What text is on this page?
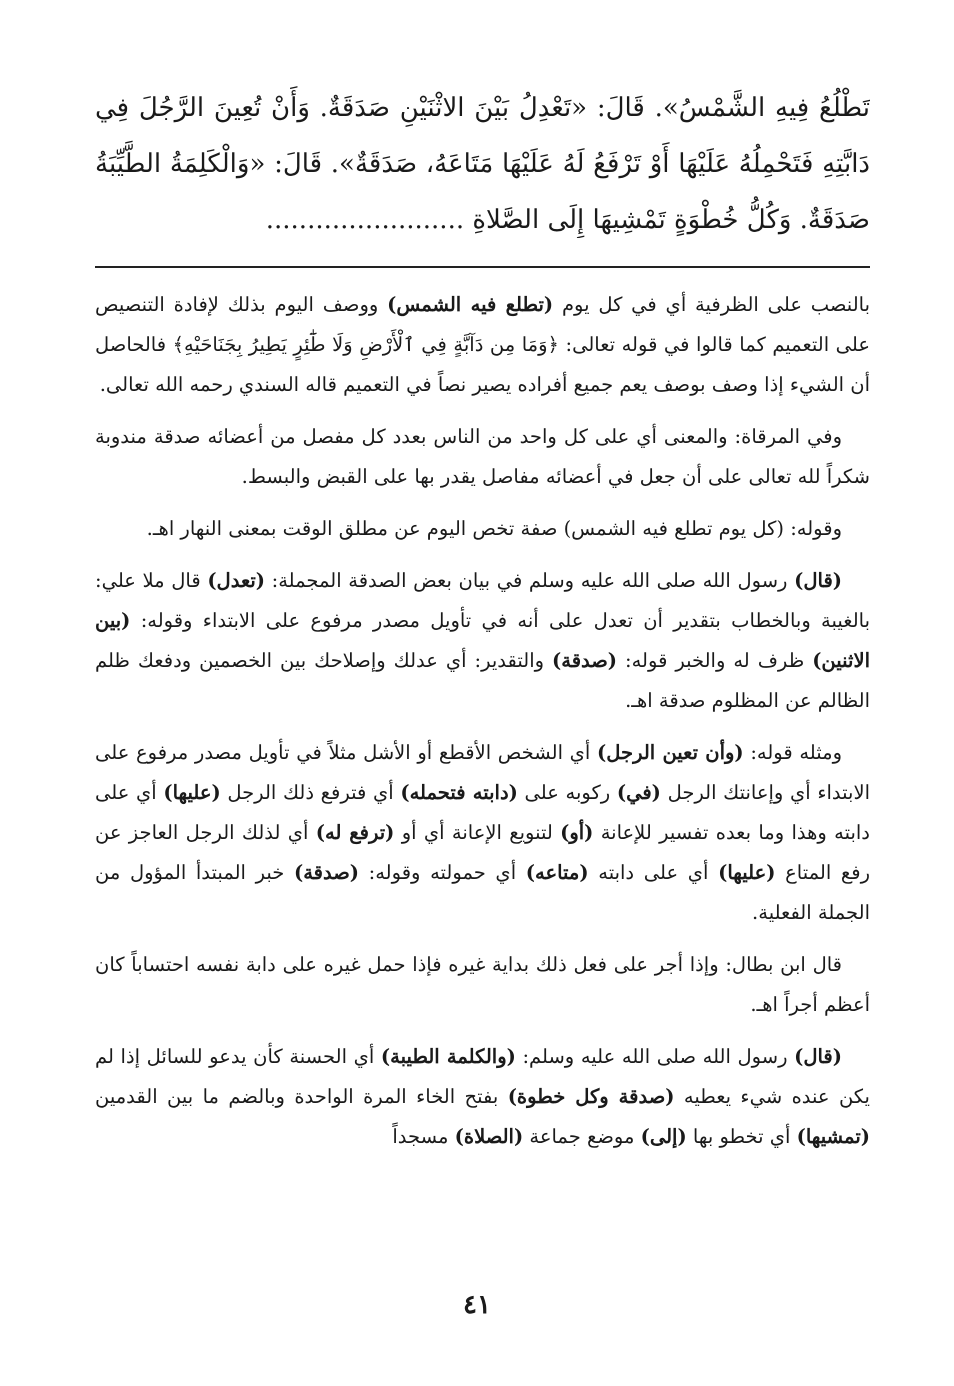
تَطْلُعُ فِيهِ الشَّمْسُ». قَالَ: «تَعْدِلُ بَيْنَ الاثْنَيْنِ صَدَقَةٌ. وَأَنْ تُعِينَ الرَّجُلَ فِي دَابَّتِهِ فَتَحْمِلُهُ عَلَيْهَا أَوْ تَرْفَعُ لَهُ عَلَيْهَا مَتَاعَهُ، صَدَقَةٌ». قَالَ: «وَالْكَلِمَةُ الطَّيِّبَةُ صَدَقَةٌ. وَكُلُّ خُطْوَةٍ تَمْشِيهَا إِلَى الصَّلاةِ ........................

بالنصب على الظرفية أي في كل يوم (تطلع فيه الشمس) ووصف اليوم بذلك لإفادة التنصيص على التعميم كما قالوا في قوله تعالى: ﴿وَمَا مِن دَآبَّةٍ فِي ٱلْأَرْضِ وَلَا طَٰٓئِرٍ يَطِيرُ بِجَنَاحَيْهِ﴾ فالحاصل أن الشيء إذا وصف بوصف يعم جميع أفراده يصير نصاً في التعميم قاله السندي رحمه الله تعالى.

وفي المرقاة: والمعنى أي على كل واحد من الناس بعدد كل مفصل من أعضائه صدقة مندوبة شكراً لله تعالى على أن جعل في أعضائه مفاصل يقدر بها على القبض والبسط.

وقوله: (كل يوم تطلع فيه الشمس) صفة تخص اليوم عن مطلق الوقت بمعنى النهار اهـ.

(قال) رسول الله صلى الله عليه وسلم في بيان بعض الصدقة المجملة: (تعدل) قال ملا علي: بالغيبة وبالخطاب بتقدير أن تعدل على أنه في تأويل مصدر مرفوع على الابتداء وقوله: (بين الاثنين) ظرف له والخبر قوله: (صدقة) والتقدير: أي عدلك وإصلاحك بين الخصمين ودفعك ظلم الظالم عن المظلوم صدقة اهـ.

ومثله قوله: (وأن تعين الرجل) أي الشخص الأقطع أو الأشل مثلاً في تأويل مصدر مرفوع على الابتداء أي وإعانتك الرجل (في) ركوبه على (دابته فتحمله) أي فترفع ذلك الرجل (عليها) أي على دابته وهذا وما بعده تفسير للإعانة (أو) لتنويع الإعانة أي أو (ترفع له) أي لذلك الرجل العاجز عن رفع المتاع (عليها) أي على دابته (متاعه) أي حمولته وقوله: (صدقة) خبر المبتدأ المؤول من الجملة الفعلية.

قال ابن بطال: وإذا أجر على فعل ذلك بداية غيره فإذا حمل غيره على دابة نفسه احتساباً كان أعظم أجراً اهـ.

(قال) رسول الله صلى الله عليه وسلم: (والكلمة الطيبة) أي الحسنة كأن يدعو للسائل إذا لم يكن عنده شيء يعطيه (صدقة وكل خطوة) بفتح الخاء المرة الواحدة وبالضم ما بين القدمين (تمشيها) أي تخطو بها (إلى) موضع جماعة (الصلاة) مسجداً

٤١
